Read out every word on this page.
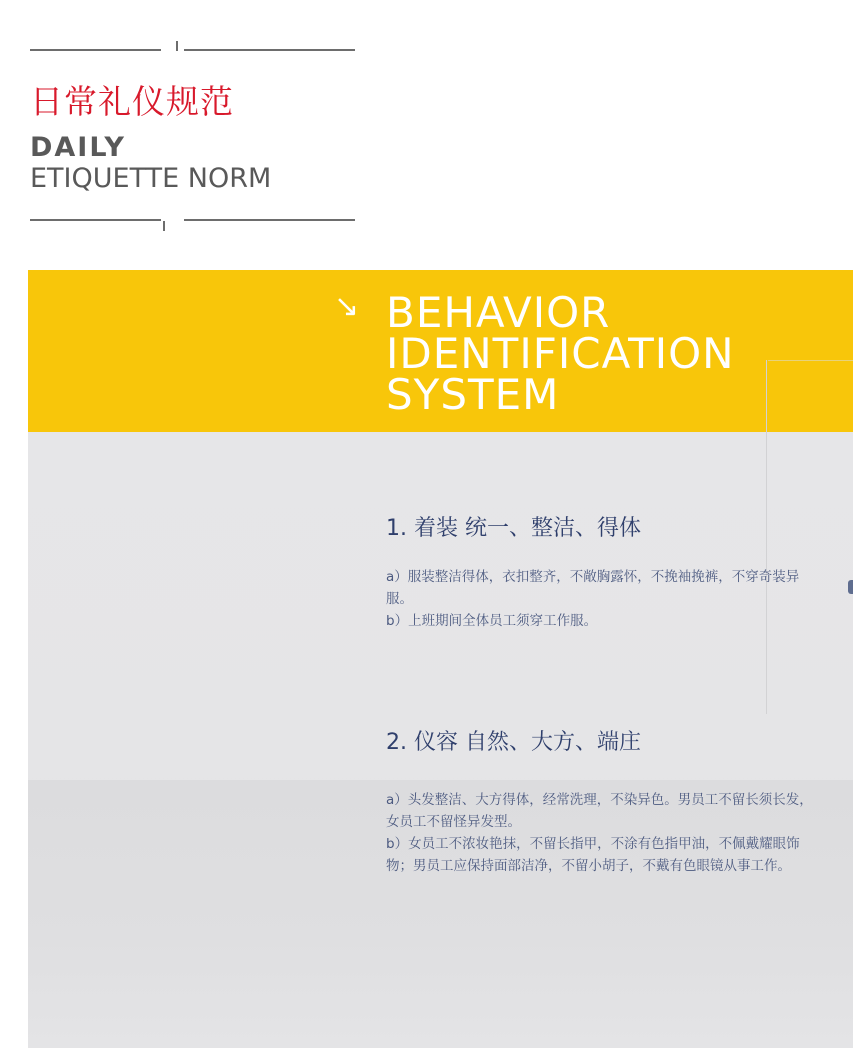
日常礼仪规范
DAILY
ETIQUETTE NORM
↘ BEHAVIOR
IDENTIFICATION
SYSTEM
1. 着装 统一、整洁、得体

a）服装整洁得体，衣扣整齐，不敞胸露怀，不挽袖挽裤，不穿奇装异服。

b）上班期间全体员工须穿工作服。

2. 仪容 自然、大方、端庄

a）头发整洁、大方得体，经常洗理，不染异色。男员工不留长须长发，女员工不留怪异发型。

b）女员工不浓妆艳抹，不留长指甲，不涂有色指甲油，不佩戴耀眼饰物；男员工应保持面部洁净，不留小胡子，不戴有色眼镜从事工作。
